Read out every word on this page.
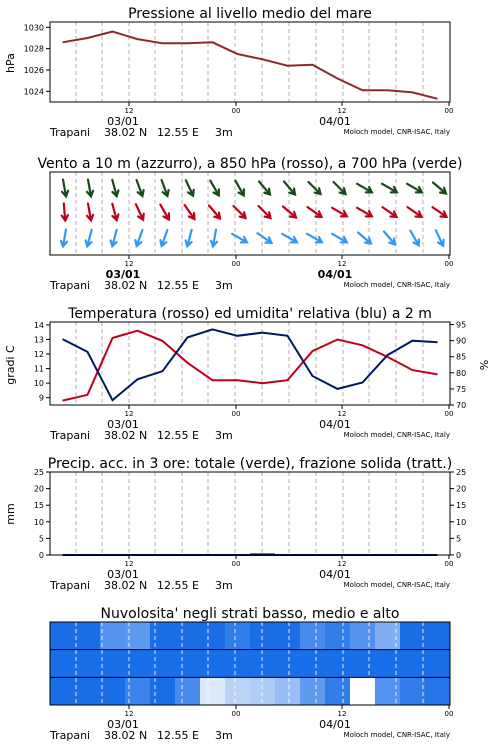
Pressione al livello medio del mare
hPa
1024
1026
1028
1030
12	00	12	00
03/01	04/01
Trapani 38.02 N 12.55 E 3m	Moloch model, CNR-ISAC, Italy
Vento a 10 m (azzurro), a 850 hPa (rosso), a 700 hPa (verde)
12	00	12	00
03/01	04/01
Trapani 38.02 N 12.55 E 3m	Moloch model, CNR-ISAC, Italy
Temperatura (rosso) ed umidita' relativa (blu) a 2 m
gradi C	%
9
10
11
12
13
14
70
75
80
85
90
95
12	00	12	00
03/01	04/01
Trapani 38.02 N 12.55 E 3m	Moloch model, CNR-ISAC, Italy
Precip. acc. in 3 ore: totale (verde), frazione solida (tratt.)
mm
0	0
5	5
10	10
15	15
20	20
25	25
12	00	12	00
03/01	04/01
Trapani 38.02 N 12.55 E 3m	Moloch model, CNR-ISAC, Italy
Nuvolosita' negli strati basso, medio e alto
12	00	12	00
03/01	04/01
Trapani 38.02 N 12.55 E 3m	Moloch model, CNR-ISAC, Italy
